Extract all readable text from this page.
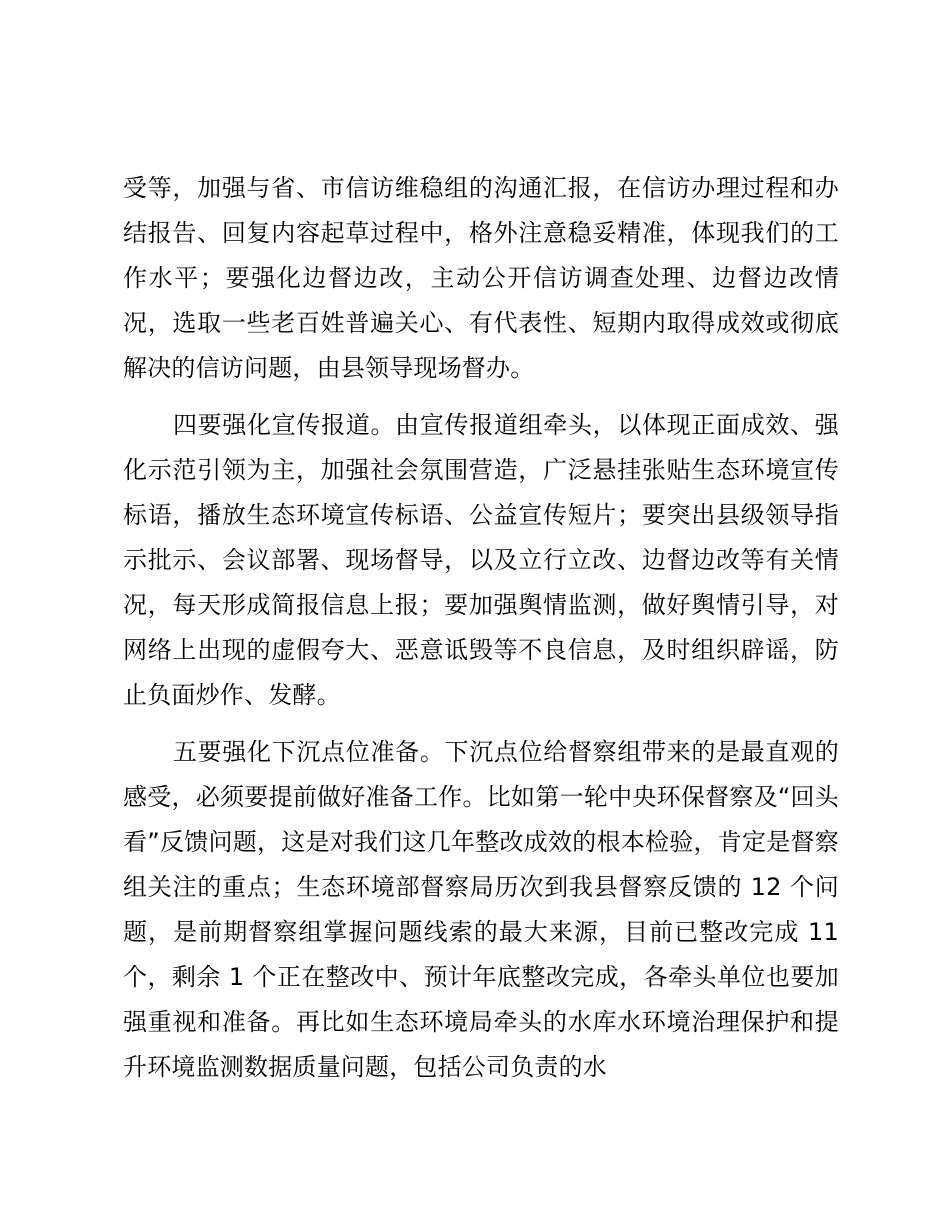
受等，加强与省、市信访维稳组的沟通汇报，在信访办理过程和办结报告、回复内容起草过程中，格外注意稳妥精准，体现我们的工作水平；要强化边督边改，主动公开信访调查处理、边督边改情况，选取一些老百姓普遍关心、有代表性、短期内取得成效或彻底解决的信访问题，由县领导现场督办。

四要强化宣传报道。由宣传报道组牵头，以体现正面成效、强化示范引领为主，加强社会氛围营造，广泛悬挂张贴生态环境宣传标语，播放生态环境宣传标语、公益宣传短片；要突出县级领导指示批示、会议部署、现场督导，以及立行立改、边督边改等有关情况，每天形成简报信息上报；要加强舆情监测，做好舆情引导，对网络上出现的虚假夸大、恶意诋毁等不良信息，及时组织辟谣，防止负面炒作、发酵。

五要强化下沉点位准备。下沉点位给督察组带来的是最直观的感受，必须要提前做好准备工作。比如第一轮中央环保督察及“回头看”反馈问题，这是对我们这几年整改成效的根本检验，肯定是督察组关注的重点；生态环境部督察局历次到我县督察反馈的 12 个问题，是前期督察组掌握问题线索的最大来源，目前已整改完成 11 个，剩余 1 个正在整改中、预计年底整改完成，各牵头单位也要加强重视和准备。再比如生态环境局牵头的水库水环境治理保护和提升环境监测数据质量问题，包括公司负责的水
